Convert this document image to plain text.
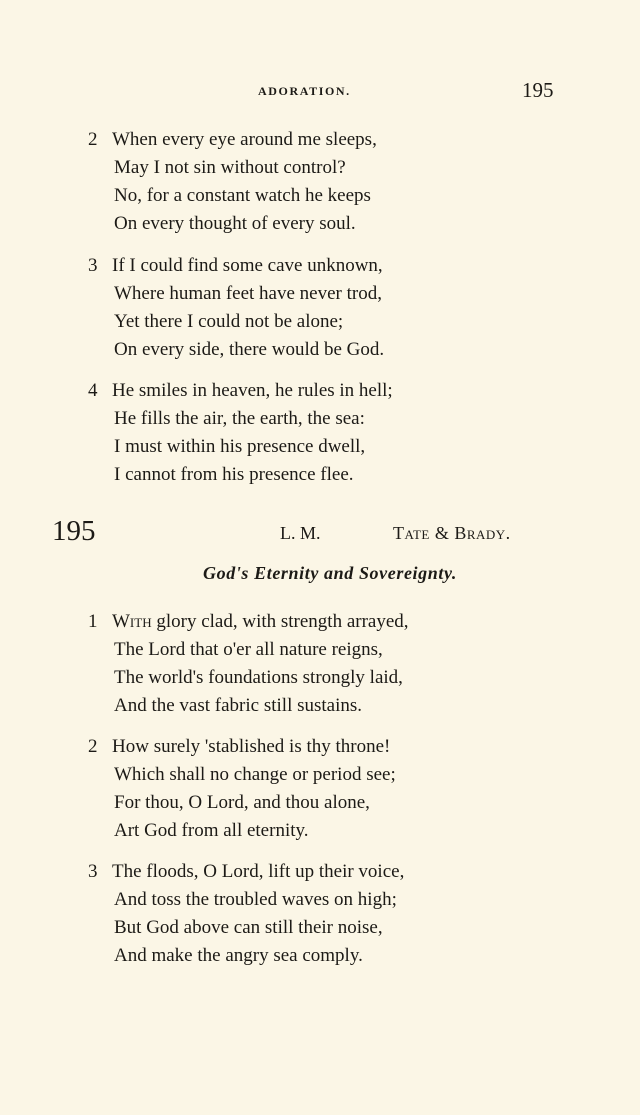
ADORATION.	195
2 When every eye around me sleeps,
May I not sin without control?
No, for a constant watch he keeps
On every thought of every soul.
3 If I could find some cave unknown,
Where human feet have never trod,
Yet there I could not be alone;
On every side, there would be God.
4 He smiles in heaven, he rules in hell;
He fills the air, the earth, the sea:
I must within his presence dwell,
I cannot from his presence flee.
195	L. M.	Tate & Brady.
God's Eternity and Sovereignty.
1 With glory clad, with strength arrayed,
The Lord that o'er all nature reigns,
The world's foundations strongly laid,
And the vast fabric still sustains.
2 How surely 'stablished is thy throne!
Which shall no change or period see;
For thou, O Lord, and thou alone,
Art God from all eternity.
3 The floods, O Lord, lift up their voice,
And toss the troubled waves on high;
But God above can still their noise,
And make the angry sea comply.
